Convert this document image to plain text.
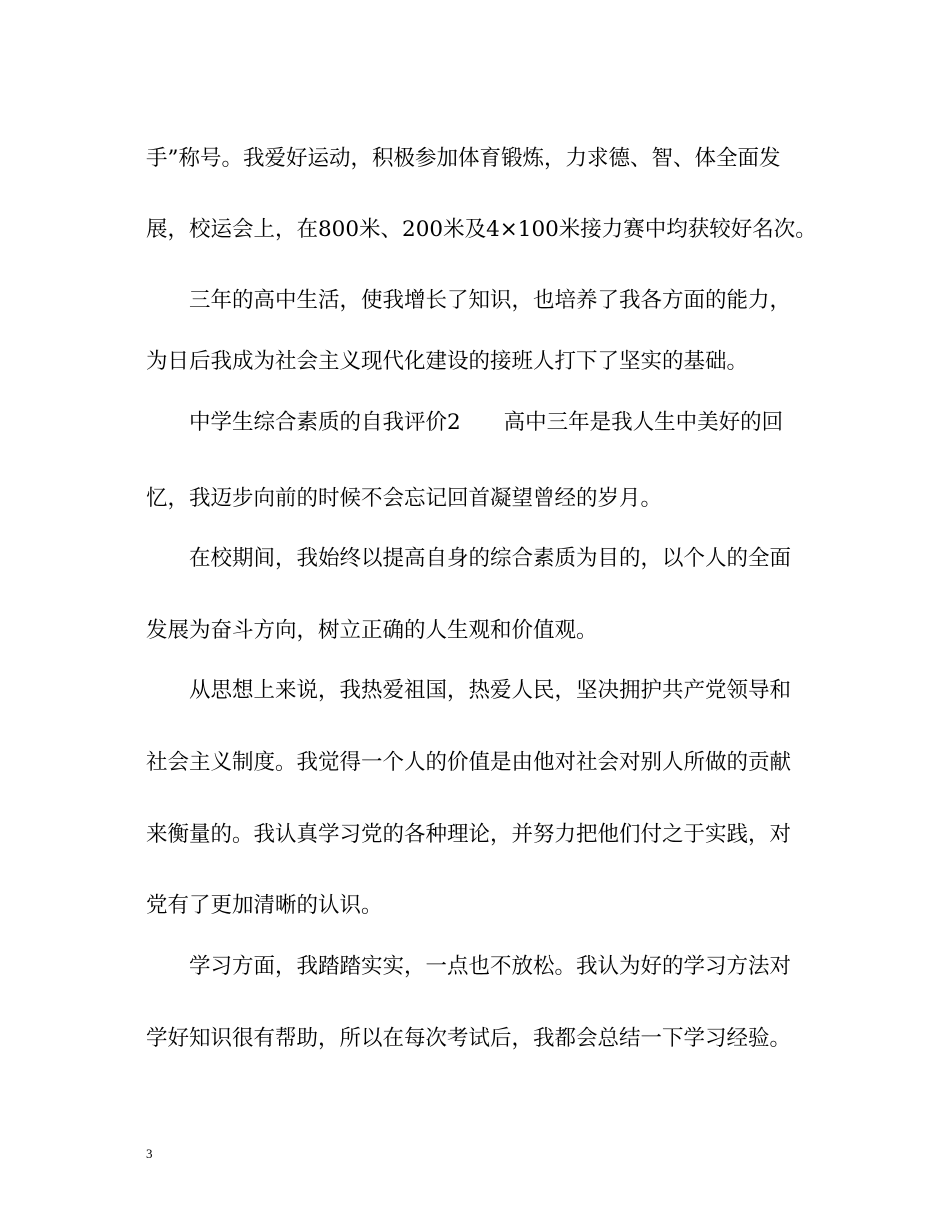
手”称号。我爱好运动，积极参加体育锻炼，力求德、智、体全面发
展，校运会上，在800米、200米及4×100米接力赛中均获较好名次。
三年的高中生活，使我增长了知识，也培养了我各方面的能力，
为日后我成为社会主义现代化建设的接班人打下了坚实的基础。
中学生综合素质的自我评价2　　高中三年是我人生中美好的回
忆，我迈步向前的时候不会忘记回首凝望曾经的岁月。
在校期间，我始终以提高自身的综合素质为目的，以个人的全面
发展为奋斗方向，树立正确的人生观和价值观。
从思想上来说，我热爱祖国，热爱人民，坚决拥护共产党领导和
社会主义制度。我觉得一个人的价值是由他对社会对别人所做的贡献
来衡量的。我认真学习党的各种理论，并努力把他们付之于实践，对
党有了更加清晰的认识。
学习方面，我踏踏实实，一点也不放松。我认为好的学习方法对
学好知识很有帮助，所以在每次考试后，我都会总结一下学习经验。
3
